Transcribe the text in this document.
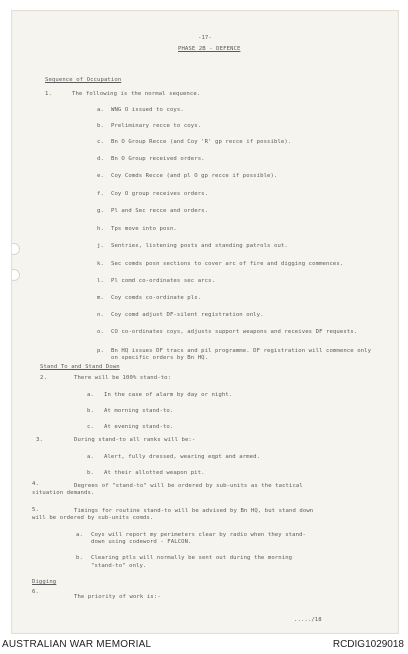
-17-
PHASE 2B - DEFENCE
Sequence of Occupation
1.	The following is the normal sequence.
a. WNG O issued to coys.
b. Preliminary recce to coys.
c. Bn O Group Recce (and Coy 'R' gp recce if possible).
d. Bn O Group received orders.
e. Coy Comds Recce (and pl O gp recce if possible).
f. Coy O group receives orders.
g. Pl and Sec recce and orders.
h. Tps move into posn.
j. Sentries, listening posts and standing patrols out.
k. Sec comds posn sections to cover arc of fire and digging commences.
l. Pl comd co-ordinates sec arcs.
m. Coy comds co-ordinate pls.
n. Coy comd adjust DF-silent registration only.
o. CO co-ordinates coys, adjusts support weapons and receives DF requests.
p. Bn HQ issues DF tracs and pil programme. DF registration will commence only on specific orders by Bn HQ.
Stand To and Stand Down
2.	There will be 100% stand-to:
a. In the case of alarm by day or night.
b. At morning stand-to.
c. At evening stand-to.
3.	During stand-to all ranks will be:-
a. Alert, fully dressed, wearing eqpt and armed.
b. At their allotted weapon pit.
4.	Degrees of "stand-to" will be ordered by sub-units as the tactical
situation demands.
5.	Timings for routine stand-to will be advised by Bn HQ, but stand down
will be ordered by sub-units comds.
a. Coys will report my perimeters clear by radio when they stand-
down using codeword - FALCON.
b. Clearing ptls will normally be sent out during the morning
"stand-to" only.
Digging
6.
The priority of work is:-
...../18
AUSTRALIAN WAR MEMORIAL	RCDIG1029018
